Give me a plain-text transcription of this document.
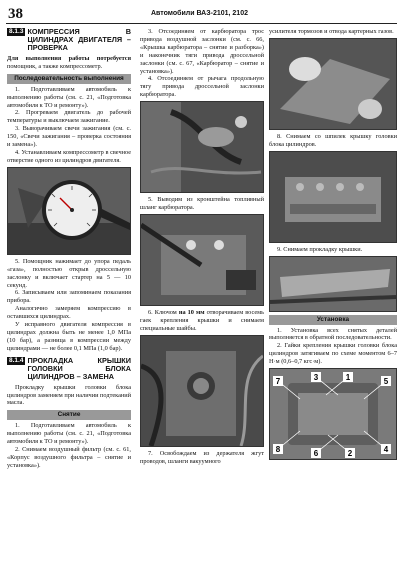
38	Автомобили ВАЗ-2101, 2102
8.1.3 КОМПРЕССИЯ В ЦИЛИНДРАХ ДВИГАТЕЛЯ – ПРОВЕРКА

Для выполнения работы потребуется помощник, а также компрессометр.

Последовательность выполнения

1. Подготавливаем автомобиль к выполнению работы (см. с. 21, «Подготовка автомобиля к ТО и ремонту»).

2. Прогреваем двигатель до рабочей температуры и выключаем зажигание.

3. Выворачиваем свечи зажигания (см. с. 150, «Свечи зажигания – проверка состояния и замена»).

4. Устанавливаем компрессометр в свечное отверстие одного из цилиндров двигателя.

5. Помощник нажимает до упора педаль «газа», полностью открыв дроссельную заслонку и включает стартер на 5 — 10 секунд.

6. Записываем или запоминаем показания прибора.

Аналогично замеряем компрессию в оставшихся цилиндрах.

У исправного двигателя компрессия в цилиндрах должна быть не менее 1,0 МПа (10 бар), а разница в компрессии между цилиндрами — не более 0,1 МПа (1,0 бар).

8.1.4 ПРОКЛАДКА КРЫШКИ ГОЛОВКИ БЛОКА ЦИЛИНДРОВ – ЗАМЕНА

Прокладку крышки головки блока цилиндров заменяем при наличии подтеканий масла.

Снятие

1. Подготавливаем автомобиль к выполнению работы (см. с. 21, «Подготовка автомобиля к ТО и ремонту»).

2. Снимаем воздушный фильтр (см. с. 61, «Корпус воздушного фильтра – снятие и установка»).

3. Отсоединяем от карбюратора трос привода воздушной заслонки (см. с. 66, «Крышка карбюратора – снятие и разборка») и наконечник тяги привода дроссельной заслонки (см. с. 67, «Карбюратор – снятие и установка»).

4. Отсоединяем от рычага продольную тягу привода дроссельной заслонки карбюратора.

5. Выводим из кронштейна топливный шланг карбюратора.

6. Ключом на 10 мм отворачиваем восемь гаек крепления крышки и снимаем специальные шайбы.

7. Освобождаем из держателя жгут проводов, шланги вакуумного

усилителя тормозов и отвода картерных газов.

8. Снимаем со шпилек крышку головки блока цилиндров.

9. Снимаем прокладку крышки.

Установка

1. Установка всех снятых деталей выполняется в обратной последовательности.

2. Гайки крепления крышки головки блока цилиндров затягиваем по схеме моментом 6–7 Н·м (0,6–0,7 кгс·м).

7	3	1	5
8	6	2	4
